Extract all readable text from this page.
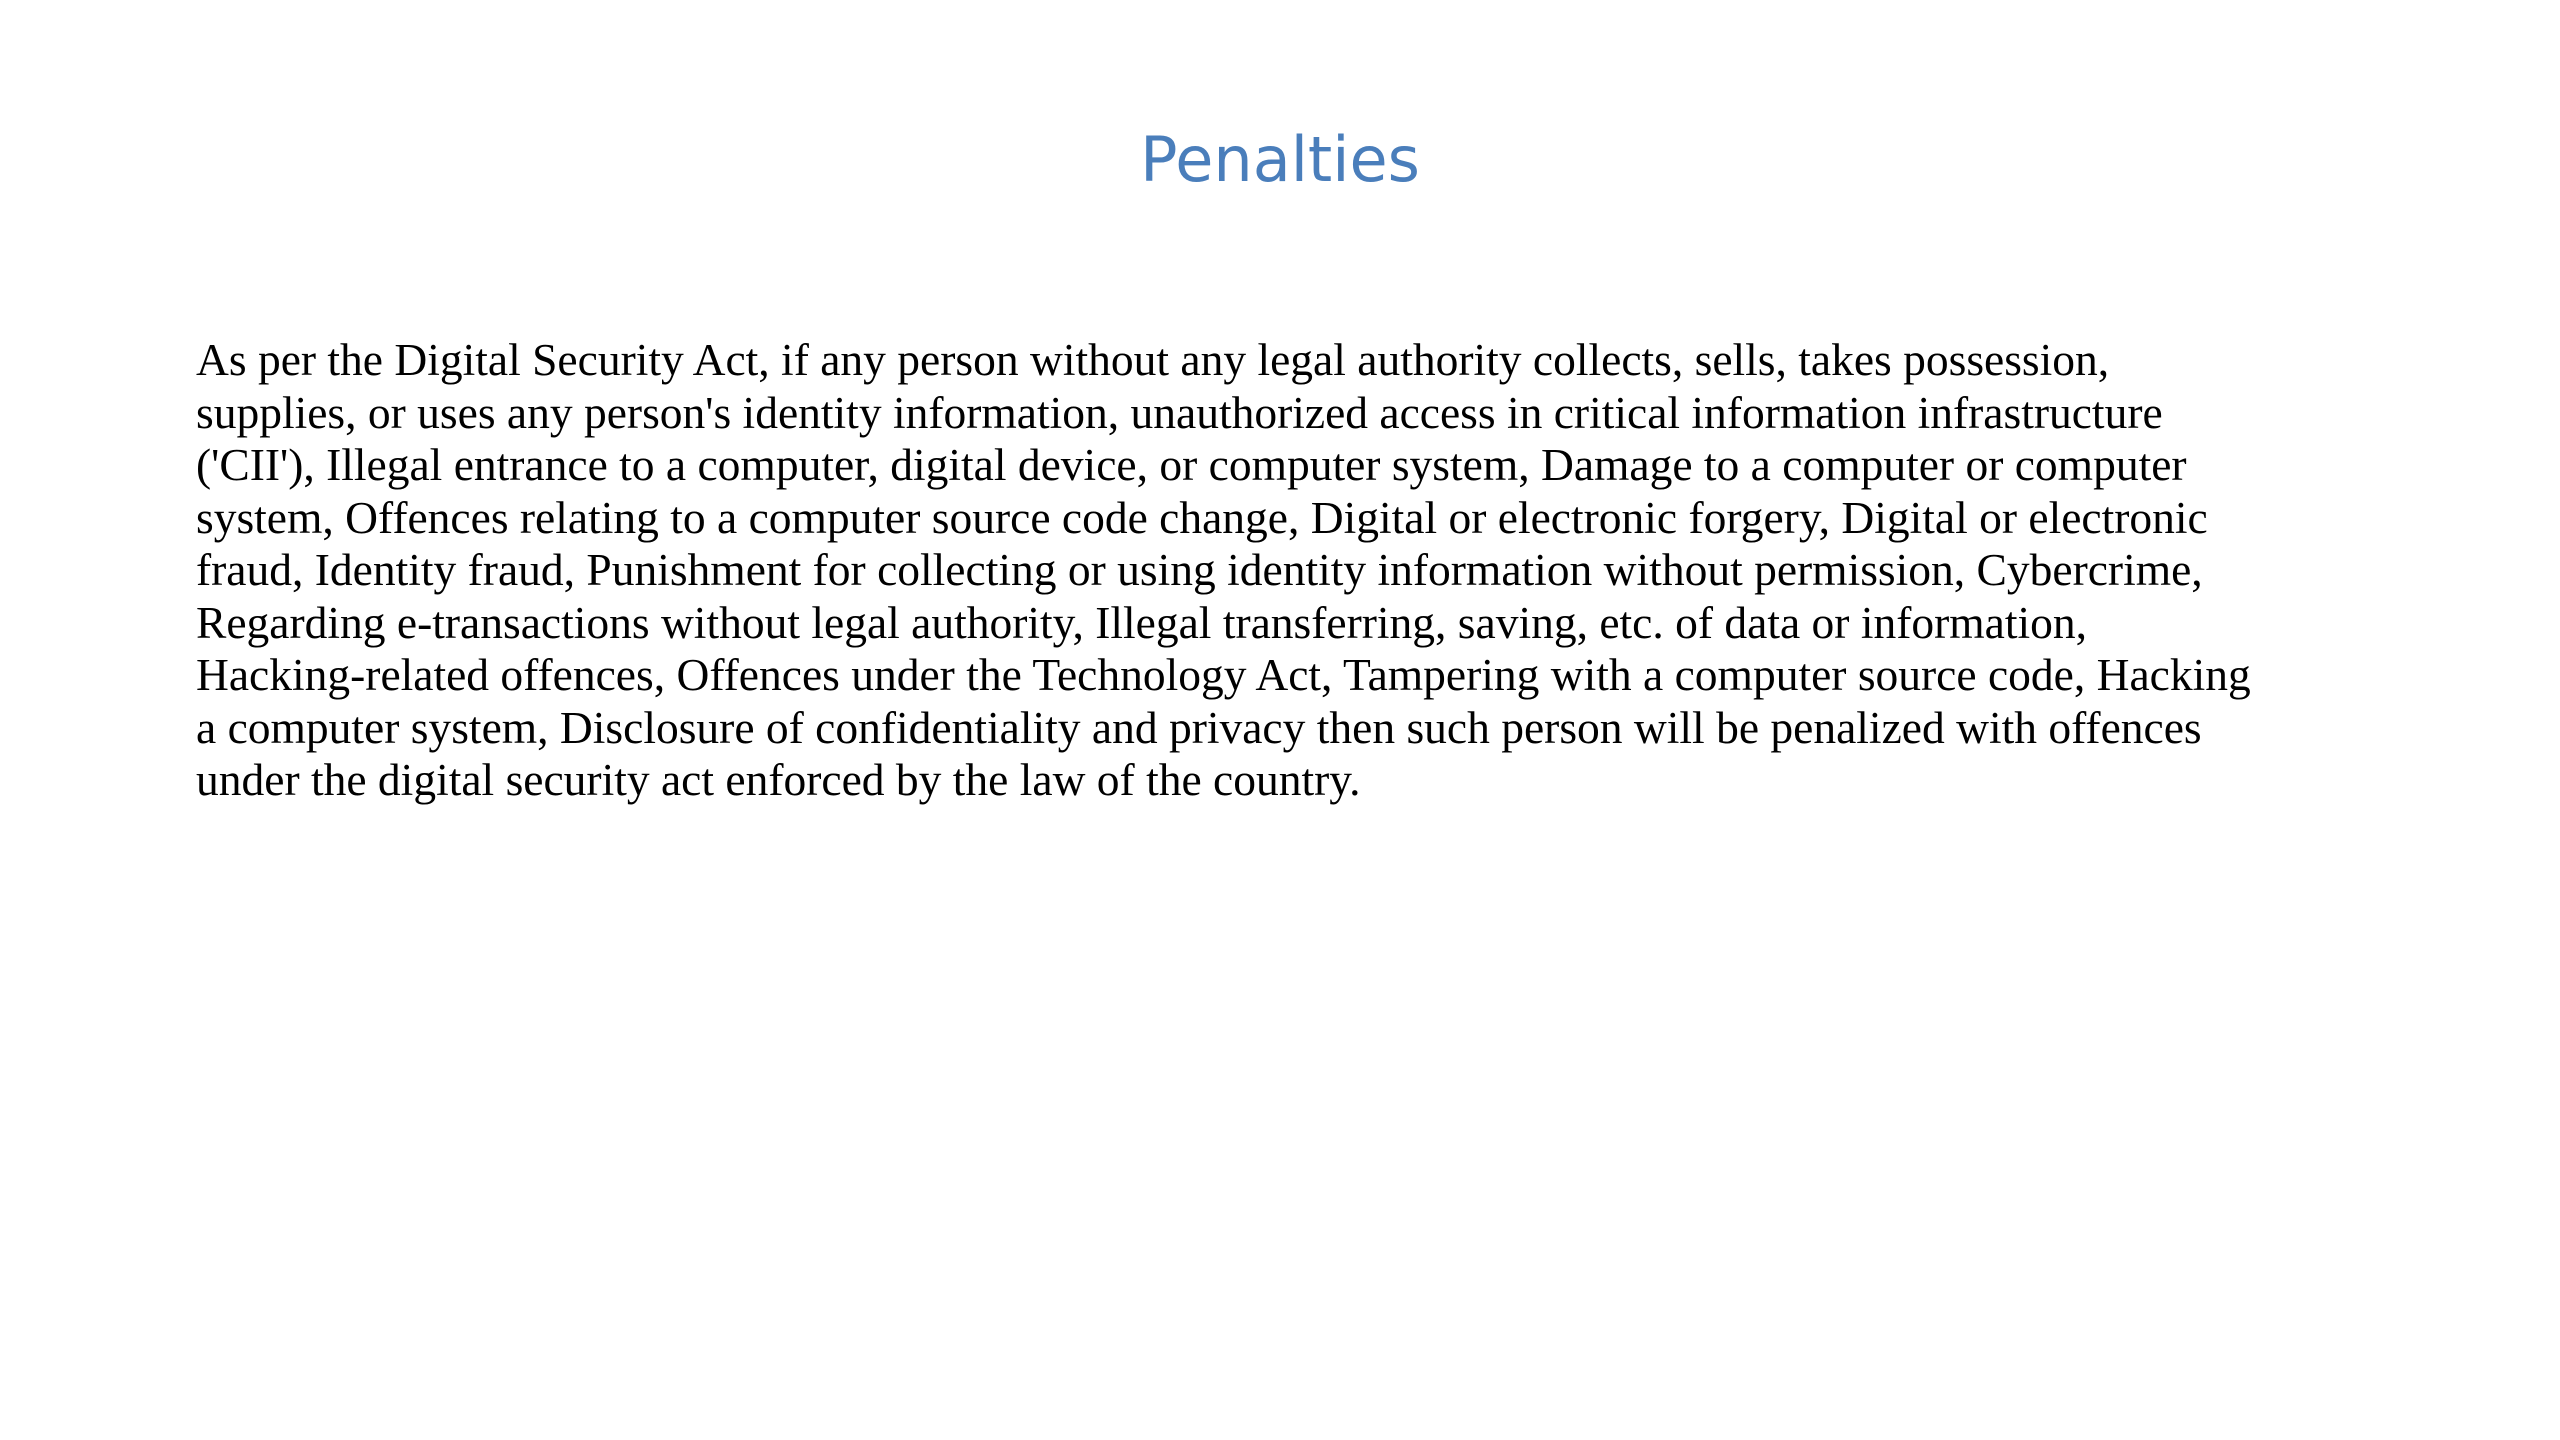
Penalties
As per the Digital Security Act, if any person without any legal authority collects, sells, takes possession,
supplies, or uses any person's identity information, unauthorized access in critical information infrastructure
('CII'), Illegal entrance to a computer, digital device, or computer system, Damage to a computer or computer
system, Offences relating to a computer source code change, Digital or electronic forgery, Digital or electronic
fraud, Identity fraud, Punishment for collecting or using identity information without permission, Cybercrime,
Regarding e-transactions without legal authority, Illegal transferring, saving, etc. of data or information,
Hacking-related offences, Offences under the Technology Act, Tampering with a computer source code, Hacking
a computer system, Disclosure of confidentiality and privacy then such person will be penalized with offences
under the digital security act enforced by the law of the country.
